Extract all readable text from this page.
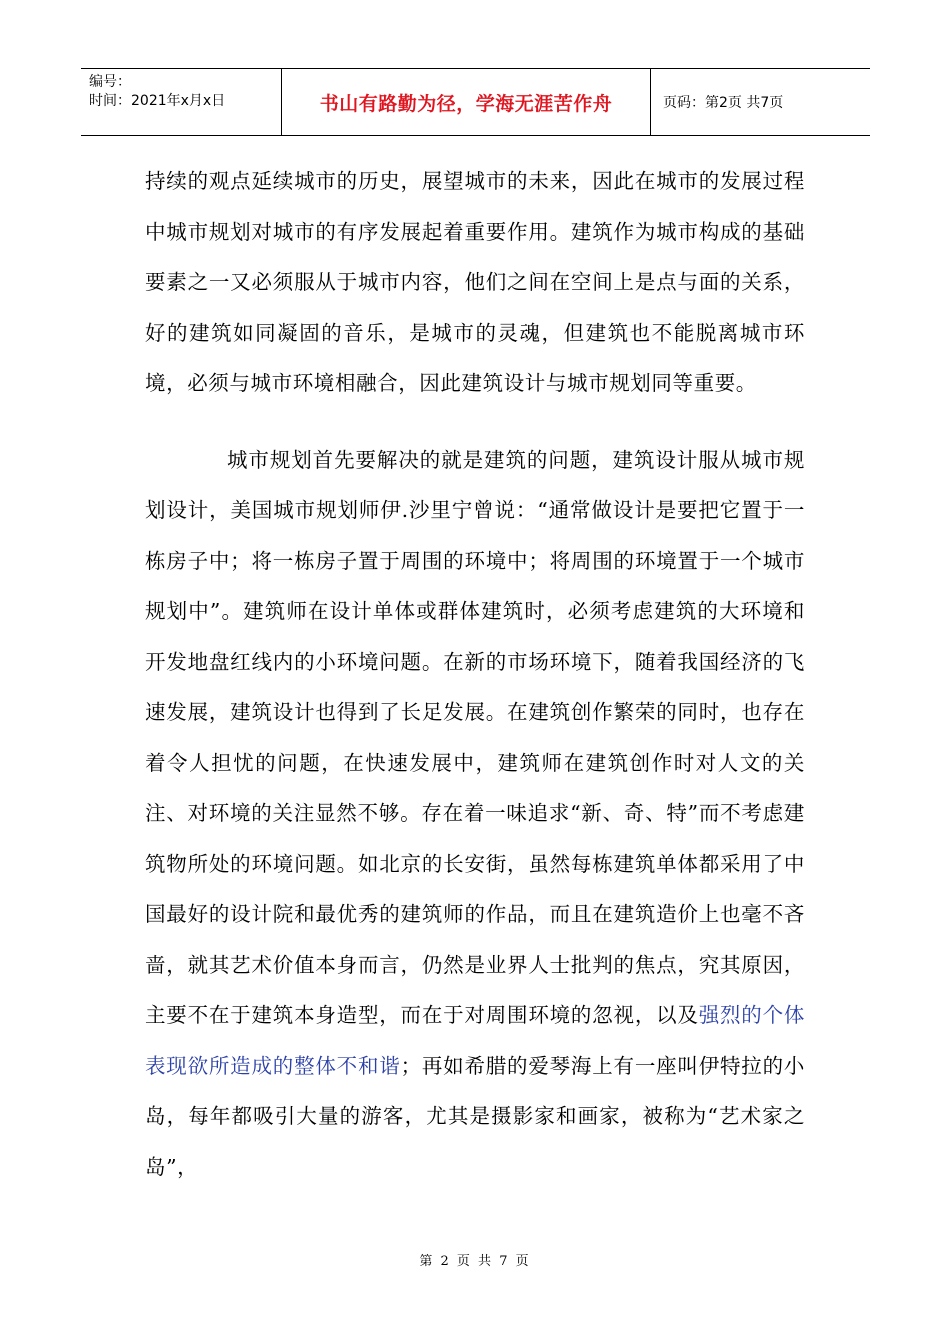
编号：
时间：2021年x月x日	书山有路勤为径，学海无涯苦作舟	页码：第2页 共7页

持续的观点延续城市的历史，展望城市的未来，因此在城市的发展过程中城市规划对城市的有序发展起着重要作用。建筑作为城市构成的基础要素之一又必须服从于城市内容，他们之间在空间上是点与面的关系，好的建筑如同凝固的音乐，是城市的灵魂，但建筑也不能脱离城市环境，必须与城市环境相融合，因此建筑设计与城市规划同等重要。

城市规划首先要解决的就是建筑的问题，建筑设计服从城市规划设计，美国城市规划师伊.沙里宁曾说：“通常做设计是要把它置于一栋房子中；将一栋房子置于周围的环境中；将周围的环境置于一个城市规划中”。建筑师在设计单体或群体建筑时，必须考虑建筑的大环境和开发地盘红线内的小环境问题。在新的市场环境下，随着我国经济的飞速发展，建筑设计也得到了长足发展。在建筑创作繁荣的同时，也存在着令人担忧的问题，在快速发展中，建筑师在建筑创作时对人文的关注、对环境的关注显然不够。存在着一味追求“新、奇、特”而不考虑建筑物所处的环境问题。如北京的长安街，虽然每栋建筑单体都采用了中国最好的设计院和最优秀的建筑师的作品，而且在建筑造价上也毫不吝啬，就其艺术价值本身而言，仍然是业界人士批判的焦点，究其原因，主要不在于建筑本身造型，而在于对周围环境的忽视，以及强烈的个体表现欲所造成的整体不和谐；再如希腊的爱琴海上有一座叫伊特拉的小岛，每年都吸引大量的游客，尤其是摄影家和画家，被称为“艺术家之岛”，

第 2 页 共 7 页
